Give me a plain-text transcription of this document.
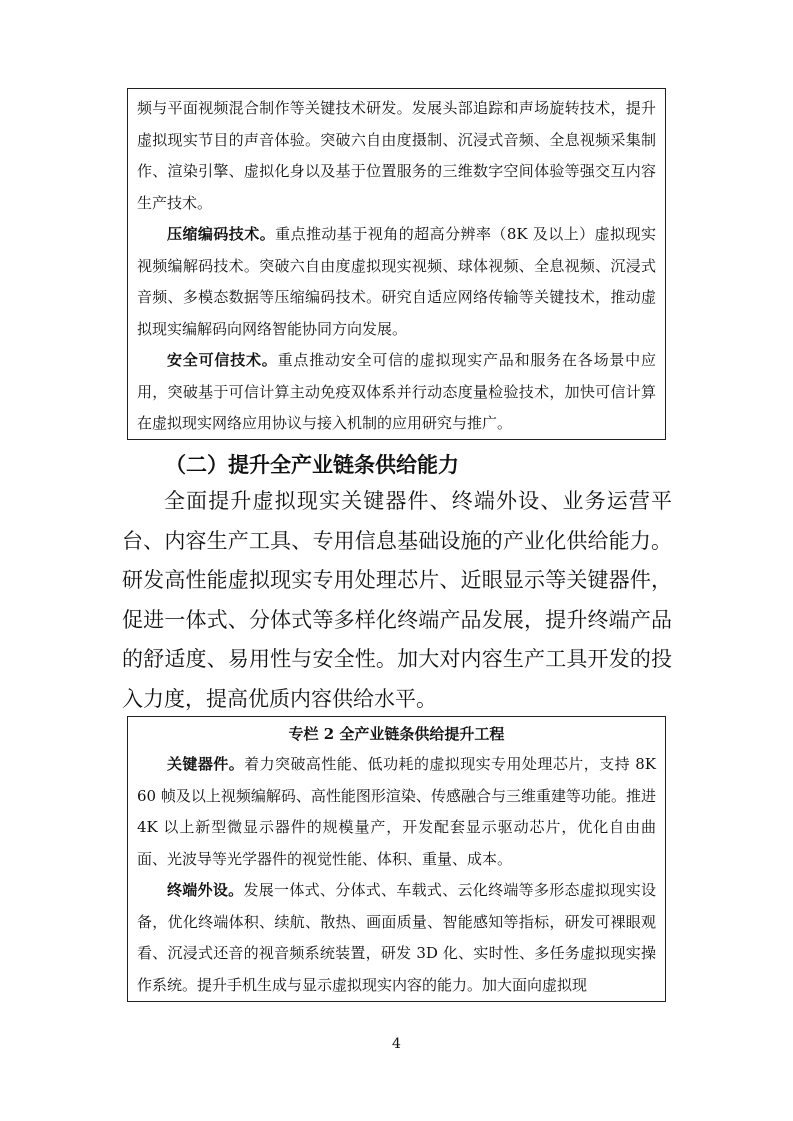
频与平面视频混合制作等关键技术研发。发展头部追踪和声场旋转技术，提升虚拟现实节目的声音体验。突破六自由度摄制、沉浸式音频、全息视频采集制作、渲染引擎、虚拟化身以及基于位置服务的三维数字空间体验等强交互内容生产技术。

压缩编码技术。重点推动基于视角的超高分辨率（8K 及以上）虚拟现实视频编解码技术。突破六自由度虚拟现实视频、球体视频、全息视频、沉浸式音频、多模态数据等压缩编码技术。研究自适应网络传输等关键技术，推动虚拟现实编解码向网络智能协同方向发展。

安全可信技术。重点推动安全可信的虚拟现实产品和服务在各场景中应用，突破基于可信计算主动免疫双体系并行动态度量检验技术，加快可信计算在虚拟现实网络应用协议与接入机制的应用研究与推广。

（二）提升全产业链条供给能力

全面提升虚拟现实关键器件、终端外设、业务运营平台、内容生产工具、专用信息基础设施的产业化供给能力。研发高性能虚拟现实专用处理芯片、近眼显示等关键器件，促进一体式、分体式等多样化终端产品发展，提升终端产品的舒适度、易用性与安全性。加大对内容生产工具开发的投入力度，提高优质内容供给水平。

专栏 2 全产业链条供给提升工程

关键器件。着力突破高性能、低功耗的虚拟现实专用处理芯片，支持 8K 60 帧及以上视频编解码、高性能图形渲染、传感融合与三维重建等功能。推进 4K 以上新型微显示器件的规模量产，开发配套显示驱动芯片，优化自由曲面、光波导等光学器件的视觉性能、体积、重量、成本。

终端外设。发展一体式、分体式、车载式、云化终端等多形态虚拟现实设备，优化终端体积、续航、散热、画面质量、智能感知等指标，研发可裸眼观看、沉浸式还音的视音频系统装置，研发 3D 化、实时性、多任务虚拟现实操作系统。提升手机生成与显示虚拟现实内容的能力。加大面向虚拟现

4
